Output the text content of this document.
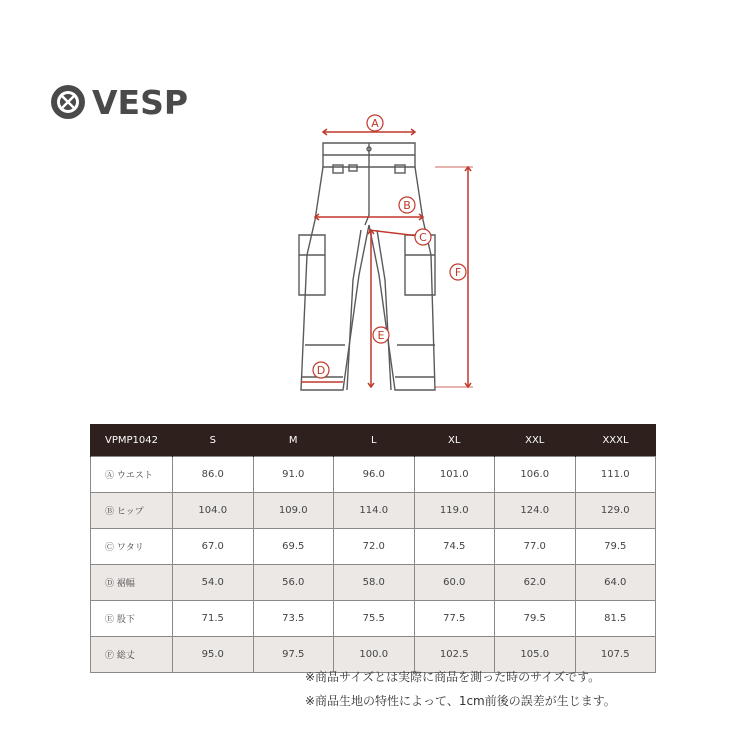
VESP
A
B
C
D
E
F
VPMP1042	S	M	L	XL	XXL	XXXL
Ⓐ ウエスト	86.0	91.0	96.0	101.0	106.0	111.0
Ⓑ ヒップ	104.0	109.0	114.0	119.0	124.0	129.0
Ⓒ ワタリ	67.0	69.5	72.0	74.5	77.0	79.5
Ⓓ 裾幅	54.0	56.0	58.0	60.0	62.0	64.0
Ⓔ 股下	71.5	73.5	75.5	77.5	79.5	81.5
Ⓕ 総丈	95.0	97.5	100.0	102.5	105.0	107.5
※商品サイズとは実際に商品を測った時のサイズです。
※商品生地の特性によって、1cm前後の誤差が生じます。
